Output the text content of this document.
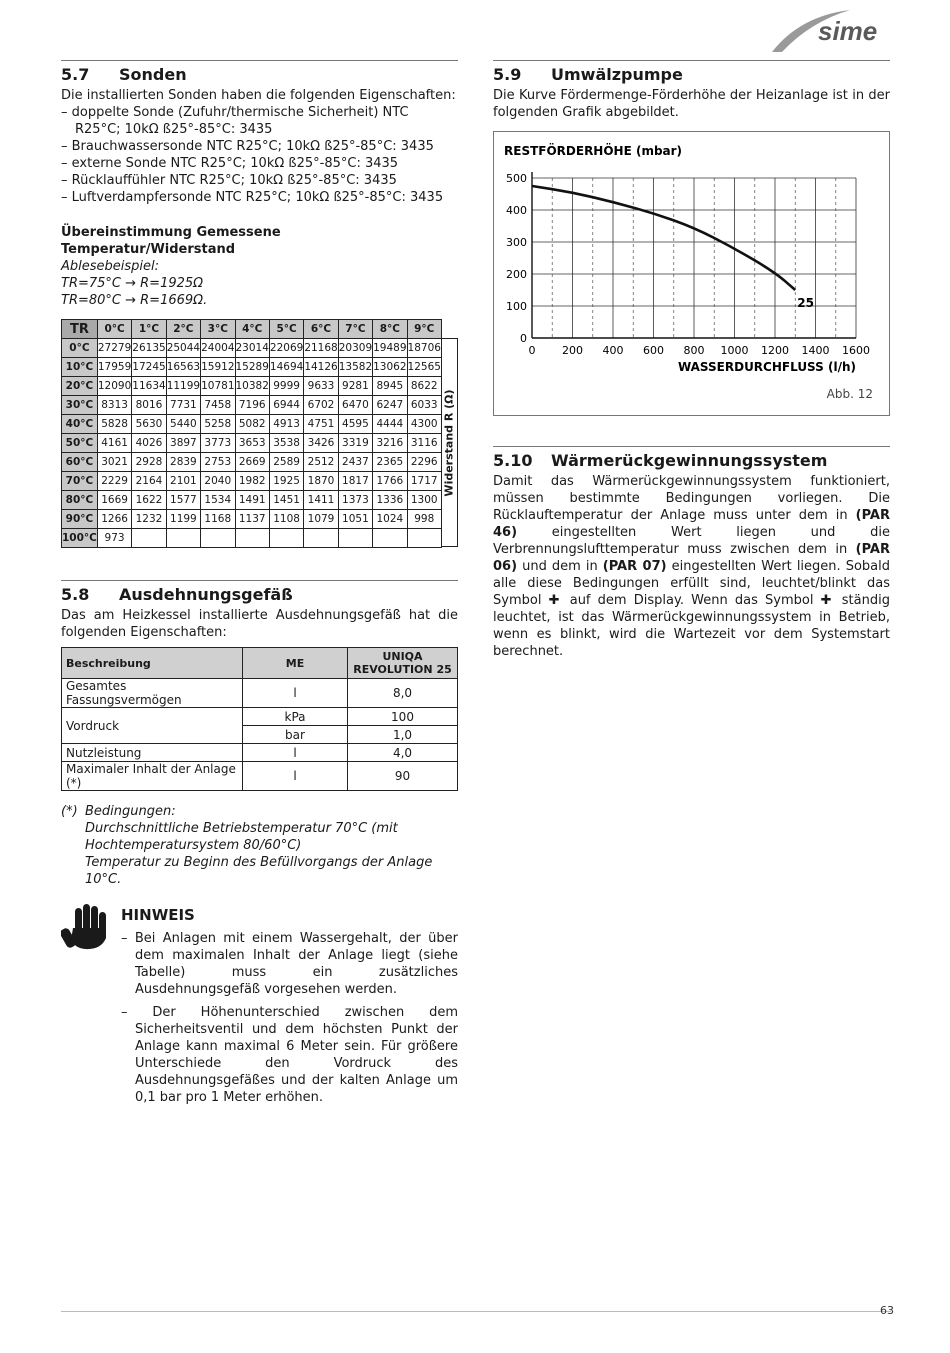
sime
5.7	Sonden
Die installierten Sonden haben die folgenden Eigenschaften:
– doppelte Sonde (Zufuhr/thermische Sicherheit) NTC R25°C; 10kΩ ß25°-85°C: 3435
– Brauchwassersonde NTC R25°C; 10kΩ ß25°-85°C: 3435
– externe Sonde NTC R25°C; 10kΩ ß25°-85°C: 3435
– Rücklauffühler NTC R25°C; 10kΩ ß25°-85°C: 3435
– Luftverdampfersonde NTC R25°C; 10kΩ ß25°-85°C: 3435
Übereinstimmung Gemessene Temperatur/Widerstand
Ablesebeispiel:
TR=75°C → R=1925Ω
TR=80°C → R=1669Ω.
TR	0°C	1°C	2°C	3°C	4°C	5°C	6°C	7°C	8°C	9°C
0°C	27279	26135	25044	24004	23014	22069	21168	20309	19489	18706
10°C	17959	17245	16563	15912	15289	14694	14126	13582	13062	12565
20°C	12090	11634	11199	10781	10382	9999	9633	9281	8945	8622
30°C	8313	8016	7731	7458	7196	6944	6702	6470	6247	6033
40°C	5828	5630	5440	5258	5082	4913	4751	4595	4444	4300
50°C	4161	4026	3897	3773	3653	3538	3426	3319	3216	3116
60°C	3021	2928	2839	2753	2669	2589	2512	2437	2365	2296
70°C	2229	2164	2101	2040	1982	1925	1870	1817	1766	1717
80°C	1669	1622	1577	1534	1491	1451	1411	1373	1336	1300
90°C	1266	1232	1199	1168	1137	1108	1079	1051	1024	998
100°C	973									
Widerstand R (Ω)
5.8	Ausdehnungsgefäß
Das am Heizkessel installierte Ausdehnungsgefäß hat die folgenden Eigenschaften:
Beschreibung	ME	UNIQA
REVOLUTION 25

Gesamtes Fassungsvermögen	l	8,0
Vordruck	kPa	100
	bar	1,0
Nutzleistung	l	4,0
Maximaler Inhalt der Anlage (*)	l	90
(*) Bedingungen:
Durchschnittliche Betriebstemperatur 70°C (mit Hochtemperatursystem 80/60°C)
Temperatur zu Beginn des Befüllvorgangs der Anlage 10°C.
HINWEIS
– Bei Anlagen mit einem Wassergehalt, der über dem maximalen Inhalt der Anlage liegt (siehe Tabelle) muss ein zusätzliches Ausdehnungsgefäß vorgesehen werden.
– Der Höhenunterschied zwischen dem Sicherheitsventil und dem höchsten Punkt der Anlage kann maximal 6 Meter sein. Für größere Unterschiede den Vordruck des Ausdehnungsgefäßes und der kalten Anlage um 0,1 bar pro 1 Meter erhöhen.
5.9	Umwälzpumpe
Die Kurve Fördermenge-Förderhöhe der Heizanlage ist in der folgenden Grafik abgebildet.
0 200 400 600 800 1000 1200 1400 1600
0
100
200
300
400
500
RESTFÖRDERHÖHE (mbar)
WASSERDURCHFLUSS (l/h)
25
Abb. 12
5.10	Wärmerückgewinnungssystem
Damit das Wärmerückgewinnungssystem funktioniert, müssen bestimmte Bedingungen vorliegen. Die Rücklauftemperatur der Anlage muss unter dem in (PAR 46) eingestellten Wert liegen und die Verbrennungslufttemperatur muss zwischen dem in (PAR 06) und dem in (PAR 07) eingestellten Wert liegen. Sobald alle diese Bedingungen erfüllt sind, leuchtet/blinkt das Symbol ✚ auf dem Display. Wenn das Symbol ✚ ständig leuchtet, ist das Wärmerückgewinnungssystem in Betrieb, wenn es blinkt, wird die Wartezeit vor dem Systemstart berechnet.
63
